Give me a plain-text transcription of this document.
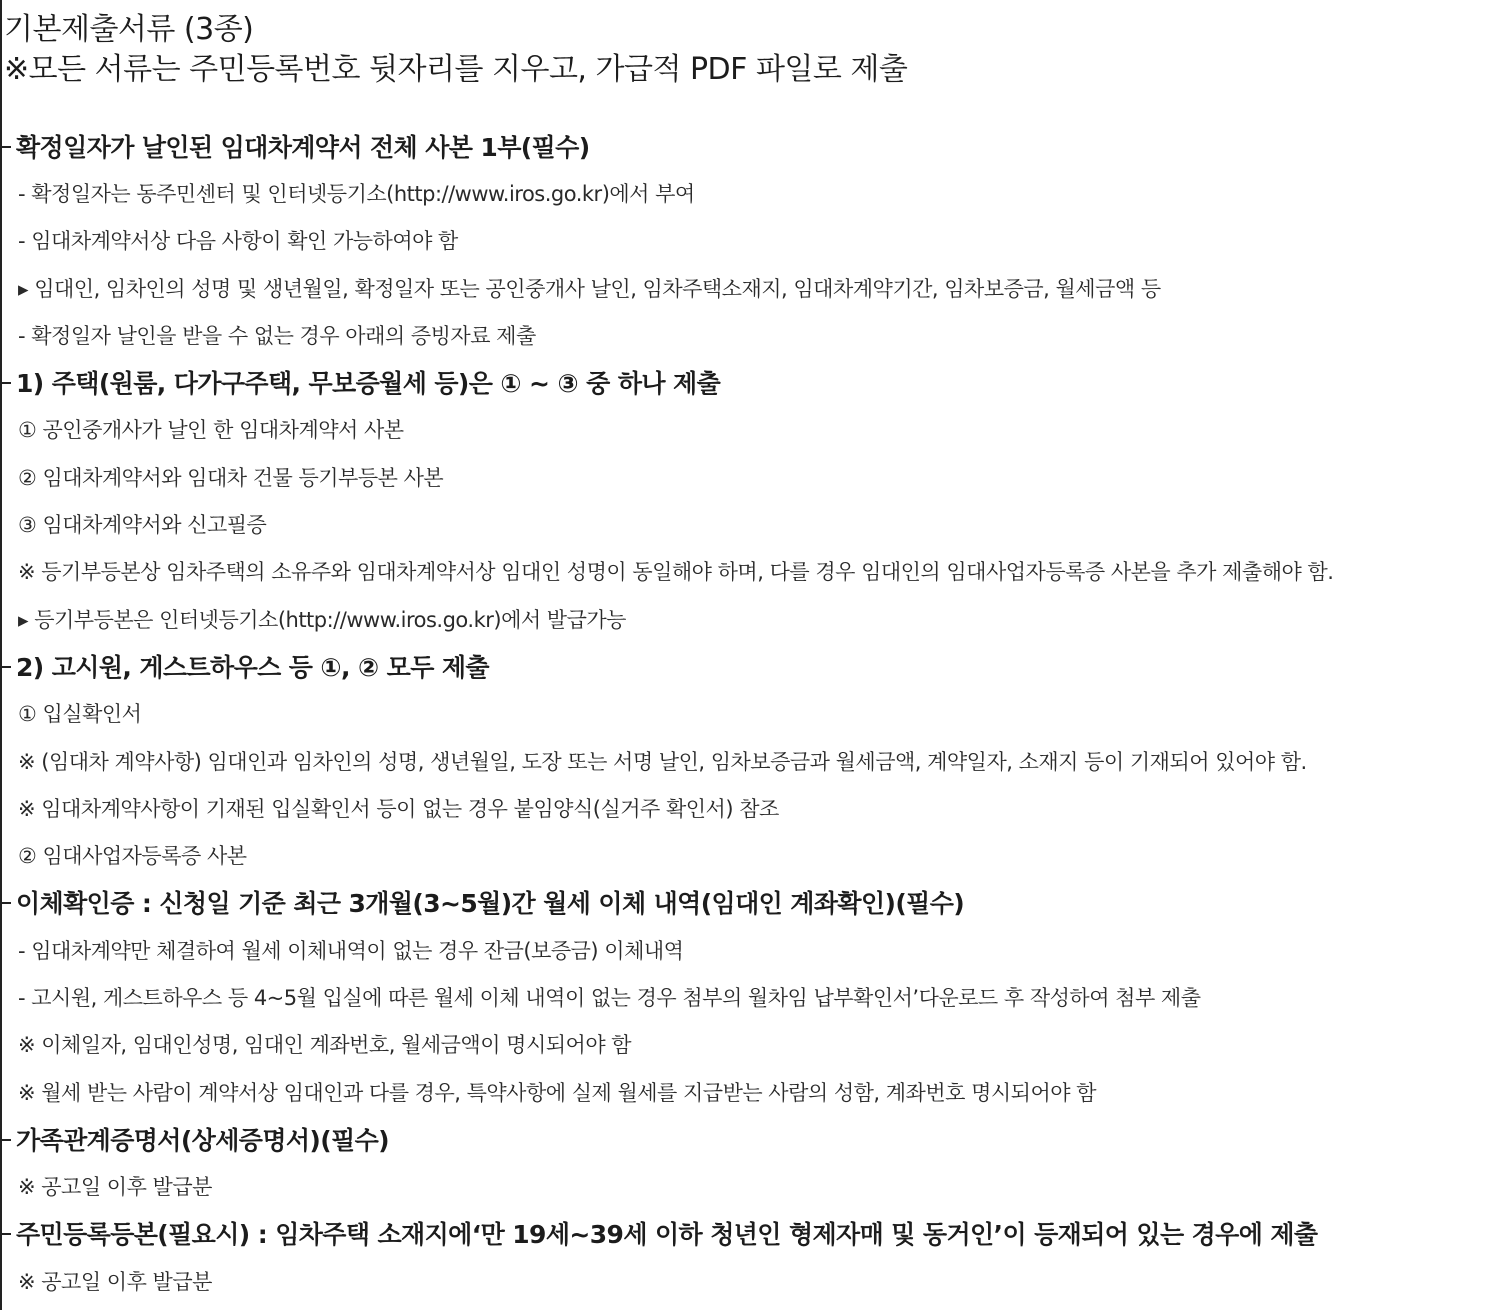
기본제출서류 (3종)
※모든 서류는 주민등록번호 뒷자리를 지우고, 가급적 PDF 파일로 제출
확정일자가 날인된 임대차계약서 전체 사본 1부(필수)
- 확정일자는 동주민센터 및 인터넷등기소(http://www.iros.go.kr)에서 부여
- 임대차계약서상 다음 사항이 확인 가능하여야 함
▸ 임대인, 임차인의 성명 및 생년월일, 확정일자 또는 공인중개사 날인, 임차주택소재지, 임대차계약기간, 임차보증금, 월세금액 등
- 확정일자 날인을 받을 수 없는 경우 아래의 증빙자료 제출
1) 주택(원룸, 다가구주택, 무보증월세 등)은 ① ~ ③ 중 하나 제출
① 공인중개사가 날인 한 임대차계약서 사본
② 임대차계약서와 임대차 건물 등기부등본 사본
③ 임대차계약서와 신고필증
※ 등기부등본상 임차주택의 소유주와 임대차계약서상 임대인 성명이 동일해야 하며, 다를 경우 임대인의 임대사업자등록증 사본을 추가 제출해야 함.
▸ 등기부등본은 인터넷등기소(http://www.iros.go.kr)에서 발급가능
2) 고시원, 게스트하우스 등 ①, ② 모두 제출
① 입실확인서
※ (임대차 계약사항) 임대인과 임차인의 성명, 생년월일, 도장 또는 서명 날인, 임차보증금과 월세금액, 계약일자, 소재지 등이 기재되어 있어야 함.
※ 임대차계약사항이 기재된 입실확인서 등이 없는 경우 붙임양식(실거주 확인서) 참조
② 임대사업자등록증 사본
이체확인증 : 신청일 기준 최근 3개월(3~5월)간 월세 이체 내역(임대인 계좌확인)(필수)
- 임대차계약만 체결하여 월세 이체내역이 없는 경우 잔금(보증금) 이체내역
- 고시원, 게스트하우스 등 4~5월 입실에 따른 월세 이체 내역이 없는 경우 첨부의 월차임 납부확인서’다운로드 후 작성하여 첨부 제출
※ 이체일자, 임대인성명, 임대인 계좌번호, 월세금액이 명시되어야 함
※ 월세 받는 사람이 계약서상 임대인과 다를 경우, 특약사항에 실제 월세를 지급받는 사람의 성함, 계좌번호 명시되어야 함
가족관계증명서(상세증명서)(필수)
※ 공고일 이후 발급분
주민등록등본(필요시) : 임차주택 소재지에‘만 19세~39세 이하 청년인 형제자매 및 동거인’이 등재되어 있는 경우에 제출
※ 공고일 이후 발급분
